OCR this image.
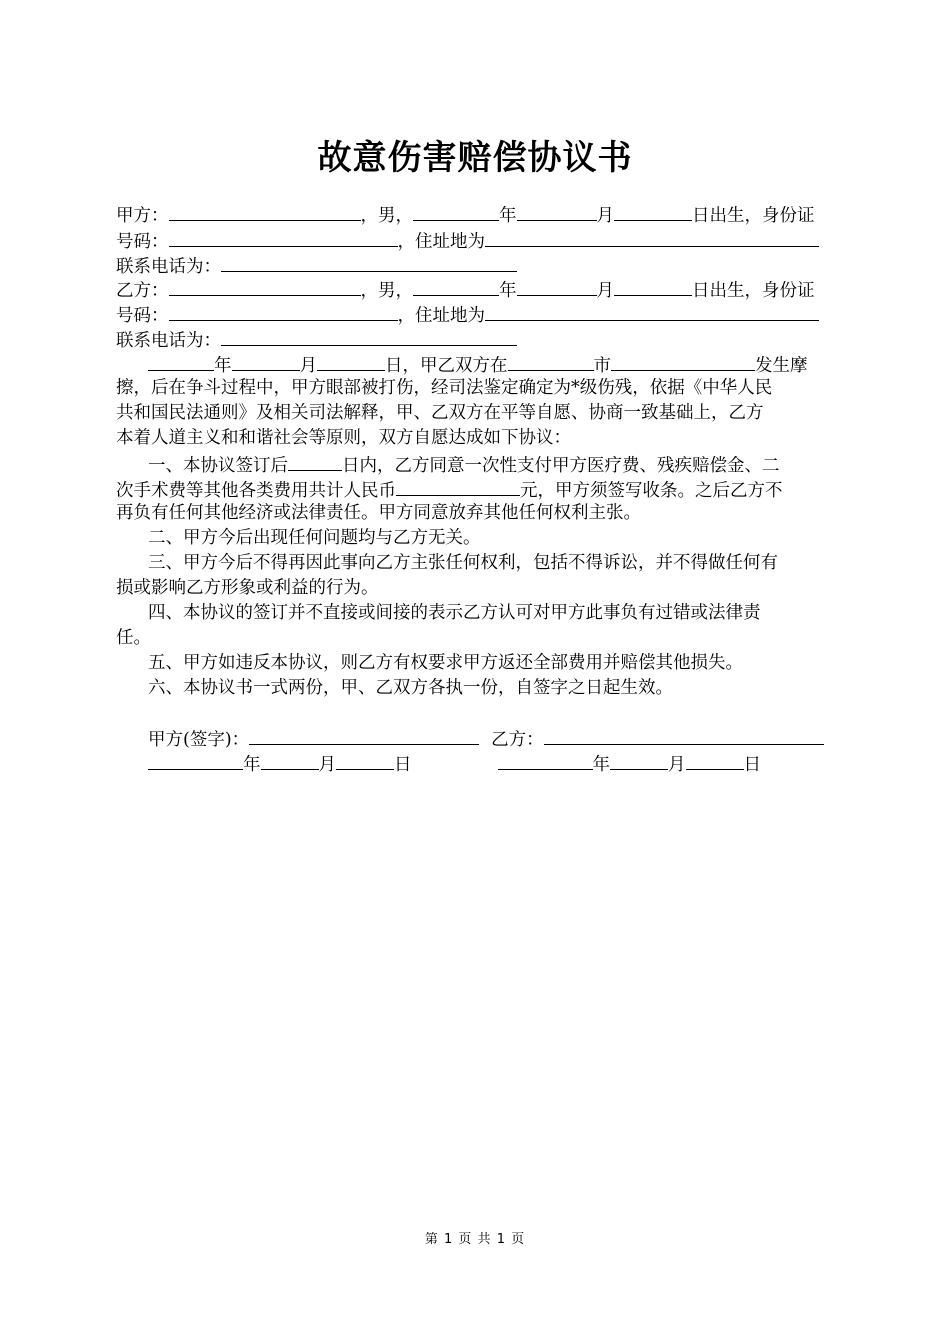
故意伤害赔偿协议书
甲方：	，男，	年	月	日出生，身份证
号码：	，住址地为
联系电话为：
乙方：	，男，	年	月	日出生，身份证
号码：	，住址地为
联系电话为：
年	月	日，甲乙双方在	市	发生摩
擦，后在争斗过程中，甲方眼部被打伤，经司法鉴定确定为*级伤残，依据《中华人民
共和国民法通则》及相关司法解释，甲、乙双方在平等自愿、协商一致基础上，乙方
本着人道主义和和谐社会等原则，双方自愿达成如下协议：
一、本协议签订后	日内，乙方同意一次性支付甲方医疗费、残疾赔偿金、二
次手术费等其他各类费用共计人民币	元，甲方须签写收条。之后乙方不
再负有任何其他经济或法律责任。甲方同意放弃其他任何权利主张。
二、甲方今后出现任何问题均与乙方无关。
三、甲方今后不得再因此事向乙方主张任何权利，包括不得诉讼，并不得做任何有
损或影响乙方形象或利益的行为。
四、本协议的签订并不直接或间接的表示乙方认可对甲方此事负有过错或法律责
任。
五、甲方如违反本协议，则乙方有权要求甲方返还全部费用并赔偿其他损失。
六、本协议书一式两份，甲、乙双方各执一份，自签字之日起生效。
甲方(签字)：	乙方：
年	月	日	年	月	日
第 1 页 共 1 页
